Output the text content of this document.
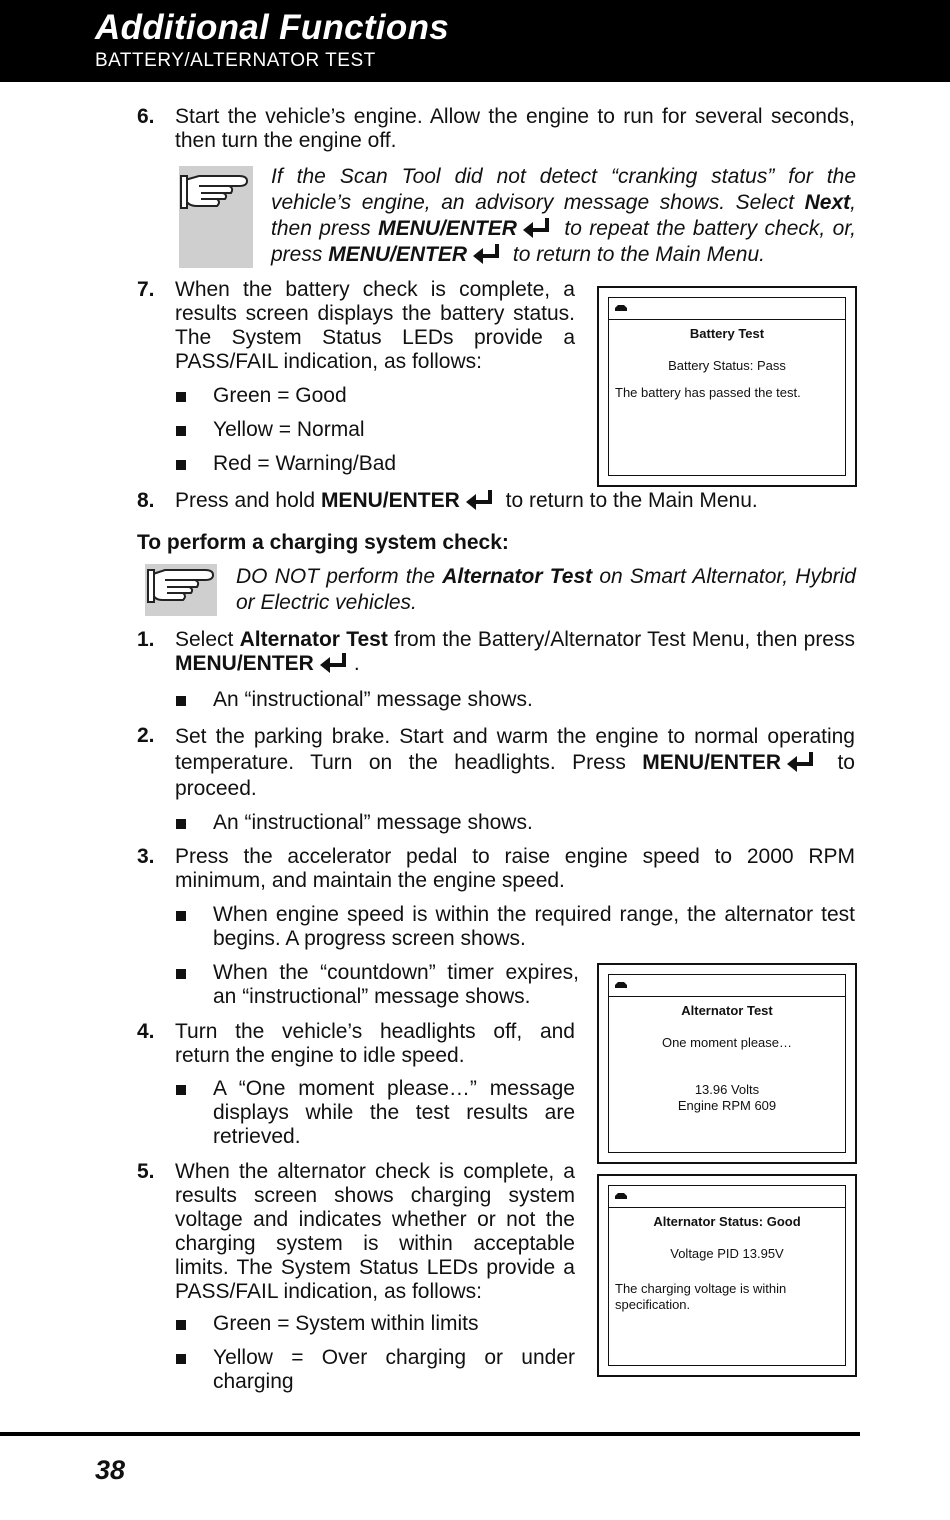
Additional Functions
BATTERY/ALTERNATOR TEST
6. Start the vehicle’s engine. Allow the engine to run for several seconds, then turn the engine off.
If the Scan Tool did not detect “cranking status” for the vehicle’s engine, an advisory message shows. Select Next, then press MENU/ENTER to repeat the battery check, or, press MENU/ENTER to return to the Main Menu.
7. When the battery check is complete, a results screen displays the battery status. The System Status LEDs provide a PASS/FAIL indication, as follows:
Green = Good
Yellow = Normal
Red = Warning/Bad
Battery Test
Battery Status: Pass
The battery has passed the test.
8. Press and hold MENU/ENTER to return to the Main Menu.
To perform a charging system check:
DO NOT perform the Alternator Test on Smart Alternator, Hybrid or Electric vehicles.
1. Select Alternator Test from the Battery/Alternator Test Menu, then press MENU/ENTER .
An “instructional” message shows.
2. Set the parking brake. Start and warm the engine to normal operating temperature. Turn on the headlights. Press MENU/ENTER to proceed.
An “instructional” message shows.
3. Press the accelerator pedal to raise engine speed to 2000 RPM minimum, and maintain the engine speed.
When engine speed is within the required range, the alternator test begins. A progress screen shows.
When the “countdown” timer expires, an “instructional” message shows.
4. Turn the vehicle’s headlights off, and return the engine to idle speed.
A “One moment please…” message displays while the test results are retrieved.
5. When the alternator check is complete, a results screen shows charging system voltage and indicates whether or not the charging system is within acceptable limits. The System Status LEDs provide a PASS/FAIL indication, as follows:
Green = System within limits
Yellow = Over charging or under charging
Alternator Test
One moment please…
13.96 Volts
Engine RPM 609
Alternator Status: Good
Voltage PID 13.95V
The charging voltage is within specification.
38
